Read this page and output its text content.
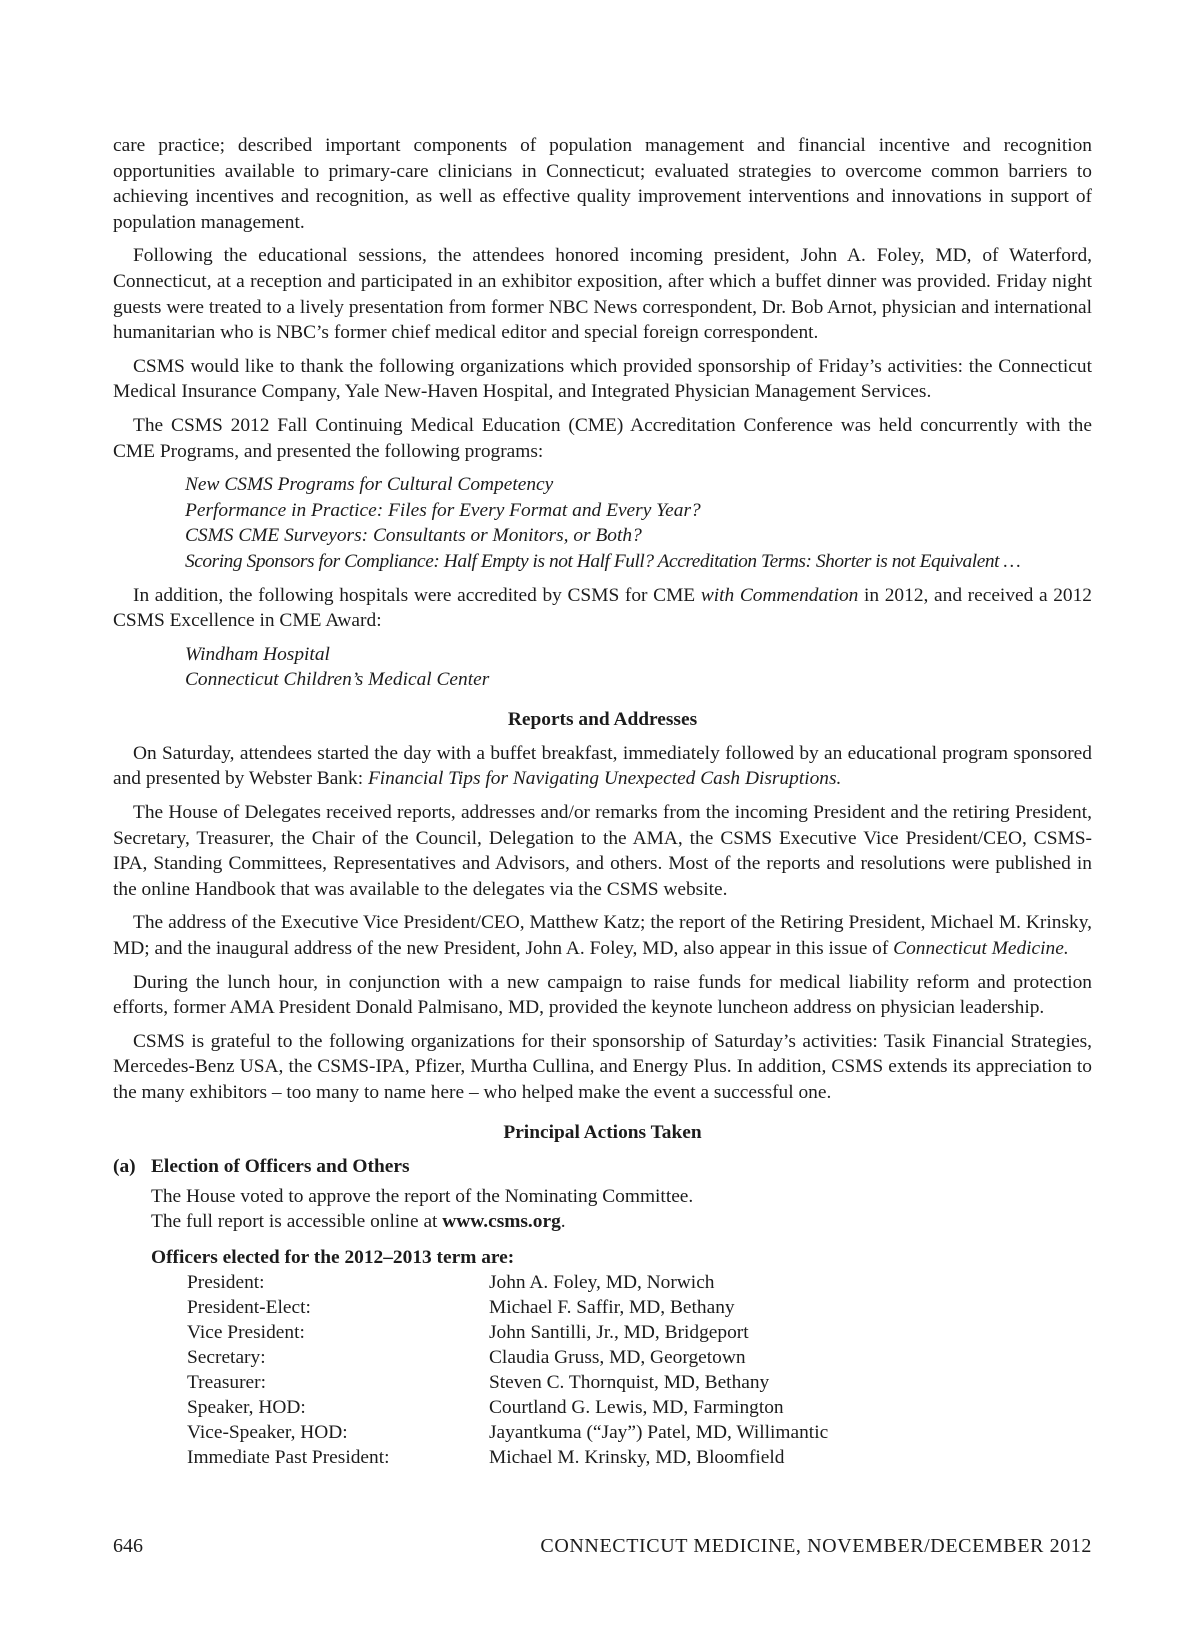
care practice; described important components of population management and financial incentive and recognition opportunities available to primary-care clinicians in Connecticut; evaluated strategies to overcome common barriers to achieving incentives and recognition, as well as effective quality improvement interventions and innovations in support of population management.

Following the educational sessions, the attendees honored incoming president, John A. Foley, MD, of Waterford, Connecticut, at a reception and participated in an exhibitor exposition, after which a buffet dinner was provided. Friday night guests were treated to a lively presentation from former NBC News correspondent, Dr. Bob Arnot, physician and international humanitarian who is NBC’s former chief medical editor and special foreign correspondent.

CSMS would like to thank the following organizations which provided sponsorship of Friday’s activities: the Connecticut Medical Insurance Company, Yale New-Haven Hospital, and Integrated Physician Management Services.

The CSMS 2012 Fall Continuing Medical Education (CME) Accreditation Conference was held concurrently with the CME Programs, and presented the following programs:

New CSMS Programs for Cultural Competency
Performance in Practice: Files for Every Format and Every Year?
CSMS CME Surveyors: Consultants or Monitors, or Both?
Scoring Sponsors for Compliance: Half Empty is not Half Full? Accreditation Terms: Shorter is not Equivalent …

In addition, the following hospitals were accredited by CSMS for CME with Commendation in 2012, and received a 2012 CSMS Excellence in CME Award:

Windham Hospital
Connecticut Children’s Medical Center
Reports and Addresses

On Saturday, attendees started the day with a buffet breakfast, immediately followed by an educational program sponsored and presented by Webster Bank: Financial Tips for Navigating Unexpected Cash Disruptions.

The House of Delegates received reports, addresses and/or remarks from the incoming President and the retiring President, Secretary, Treasurer, the Chair of the Council, Delegation to the AMA, the CSMS Executive Vice President/CEO, CSMS-IPA, Standing Committees, Representatives and Advisors, and others. Most of the reports and resolutions were published in the online Handbook that was available to the delegates via the CSMS website.

The address of the Executive Vice President/CEO, Matthew Katz; the report of the Retiring President, Michael M. Krinsky, MD; and the inaugural address of the new President, John A. Foley, MD, also appear in this issue of Connecticut Medicine.

During the lunch hour, in conjunction with a new campaign to raise funds for medical liability reform and protection efforts, former AMA President Donald Palmisano, MD, provided the keynote luncheon address on physician leadership.

CSMS is grateful to the following organizations for their sponsorship of Saturday’s activities: Tasik Financial Strategies, Mercedes-Benz USA, the CSMS-IPA, Pfizer, Murtha Cullina, and Energy Plus. In addition, CSMS extends its appreciation to the many exhibitors – too many to name here – who helped make the event a successful one.

Principal Actions Taken
(a) Election of Officers and Others
The House voted to approve the report of the Nominating Committee.
The full report is accessible online at www.csms.org.
Officers elected for the 2012–2013 term are:
President:	John A. Foley, MD, Norwich
President-Elect:	Michael F. Saffir, MD, Bethany
Vice President:	John Santilli, Jr., MD, Bridgeport
Secretary:	Claudia Gruss, MD, Georgetown
Treasurer:	Steven C. Thornquist, MD, Bethany
Speaker, HOD:	Courtland G. Lewis, MD, Farmington
Vice-Speaker, HOD:	Jayantkuma (“Jay”) Patel, MD, Willimantic
Immediate Past President:	Michael M. Krinsky, MD, Bloomfield
646	CONNECTICUT MEDICINE, NOVEMBER/DECEMBER 2012
